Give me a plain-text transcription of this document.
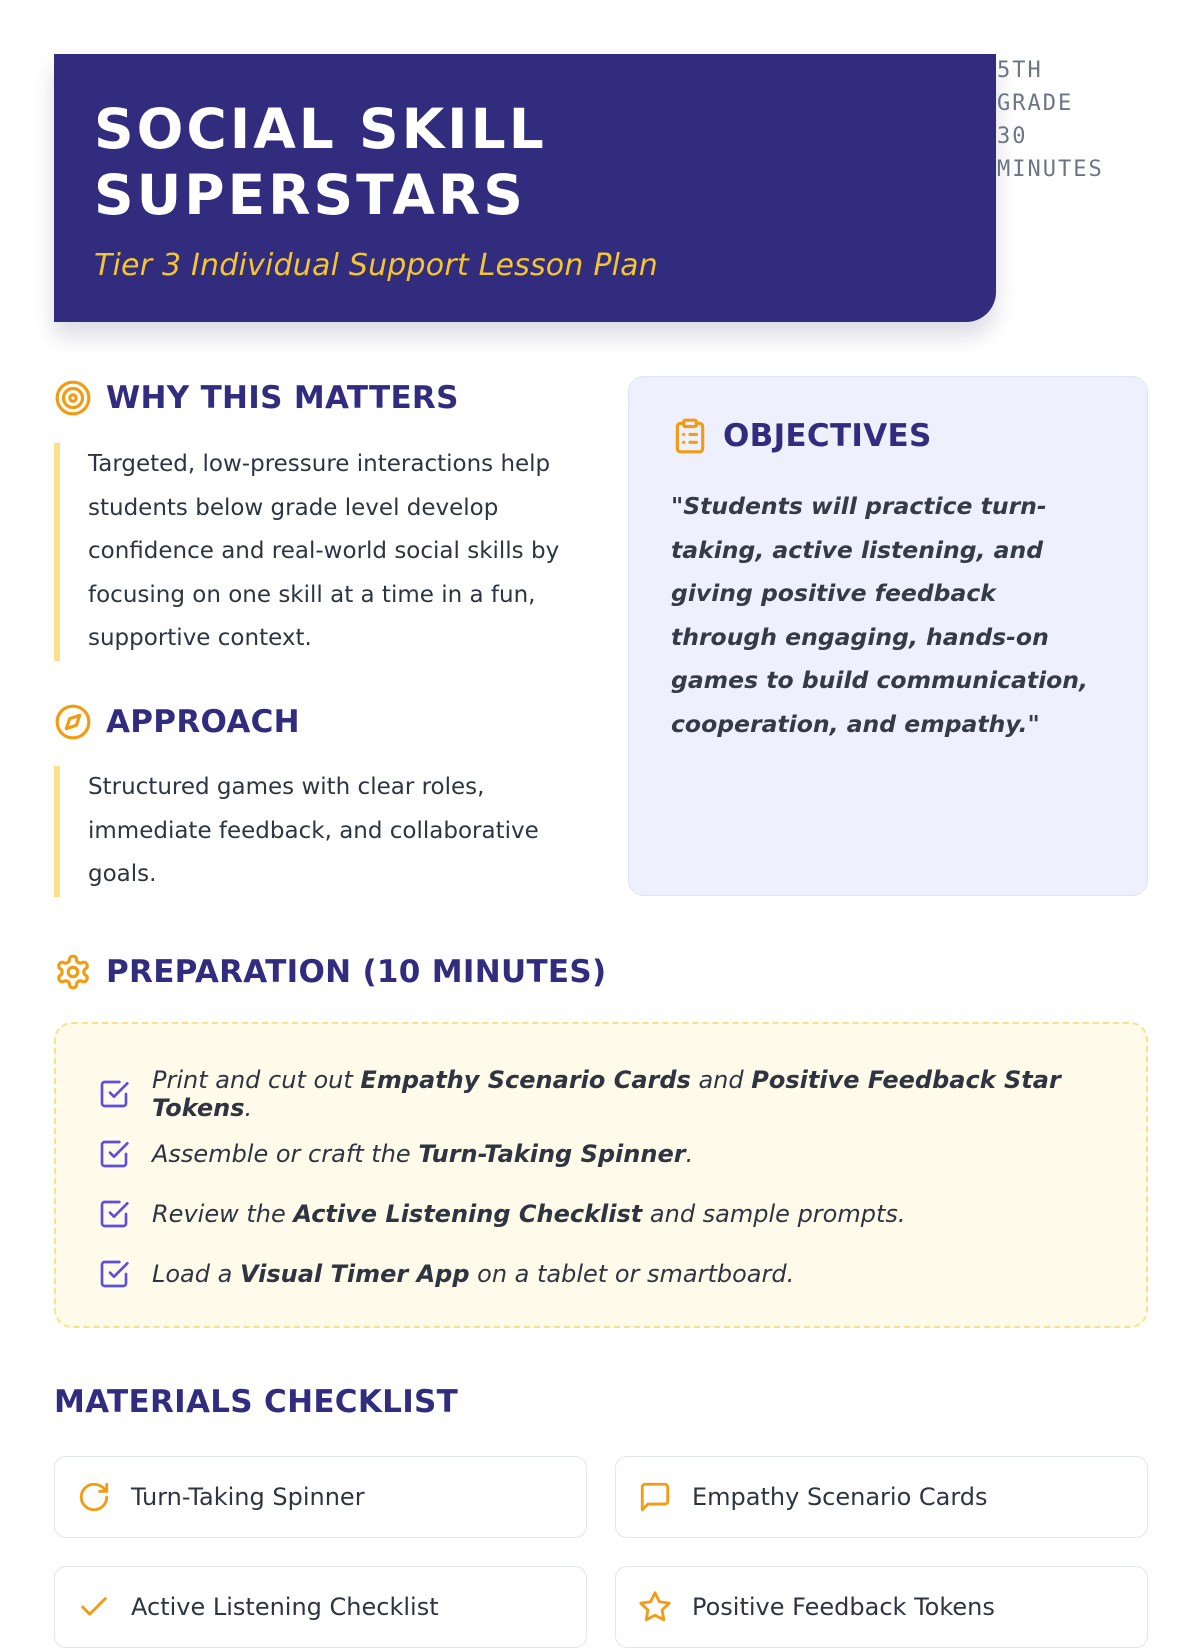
SOCIAL SKILL SUPERSTARS
Tier 3 Individual Support Lesson Plan
5TH
GRADE
30
MINUTES
WHY THIS MATTERS
Targeted, low-pressure interactions help students below grade level develop confidence and real-world social skills by focusing on one skill at a time in a fun, supportive context.
APPROACH
Structured games with clear roles, immediate feedback, and collaborative goals.
OBJECTIVES

"Students will practice turn-taking, active listening, and giving positive feedback through engaging, hands-on games to build communication, cooperation, and empathy."

PREPARATION (10 MINUTES)
Print and cut out Empathy Scenario Cards and Positive Feedback Star Tokens.
Assemble or craft the Turn-Taking Spinner.
Review the Active Listening Checklist and sample prompts.
Load a Visual Timer App on a tablet or smartboard.
MATERIALS CHECKLIST
Turn-Taking Spinner	Empathy Scenario Cards
Active Listening Checklist	Positive Feedback Tokens
